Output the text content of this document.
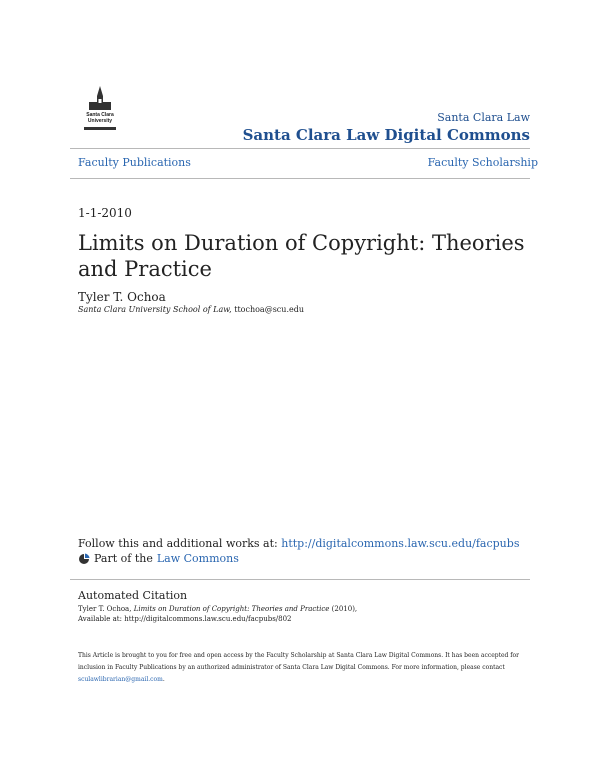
Santa Clara
University	Santa Clara Law
Santa Clara Law Digital Commons
Faculty Publications	Faculty Scholarship
1-1-2010
Limits on Duration of Copyright: Theories and Practice
Tyler T. Ochoa
Santa Clara University School of Law, ttochoa@scu.edu
Follow this and additional works at: http://digitalcommons.law.scu.edu/facpubs
Part of the Law Commons
Automated Citation
Tyler T. Ochoa, Limits on Duration of Copyright: Theories and Practice (2010),
Available at: http://digitalcommons.law.scu.edu/facpubs/802
This Article is brought to you for free and open access by the Faculty Scholarship at Santa Clara Law Digital Commons. It has been accepted for
inclusion in Faculty Publications by an authorized administrator of Santa Clara Law Digital Commons. For more information, please contact
sculawlibrarian@gmail.com.
